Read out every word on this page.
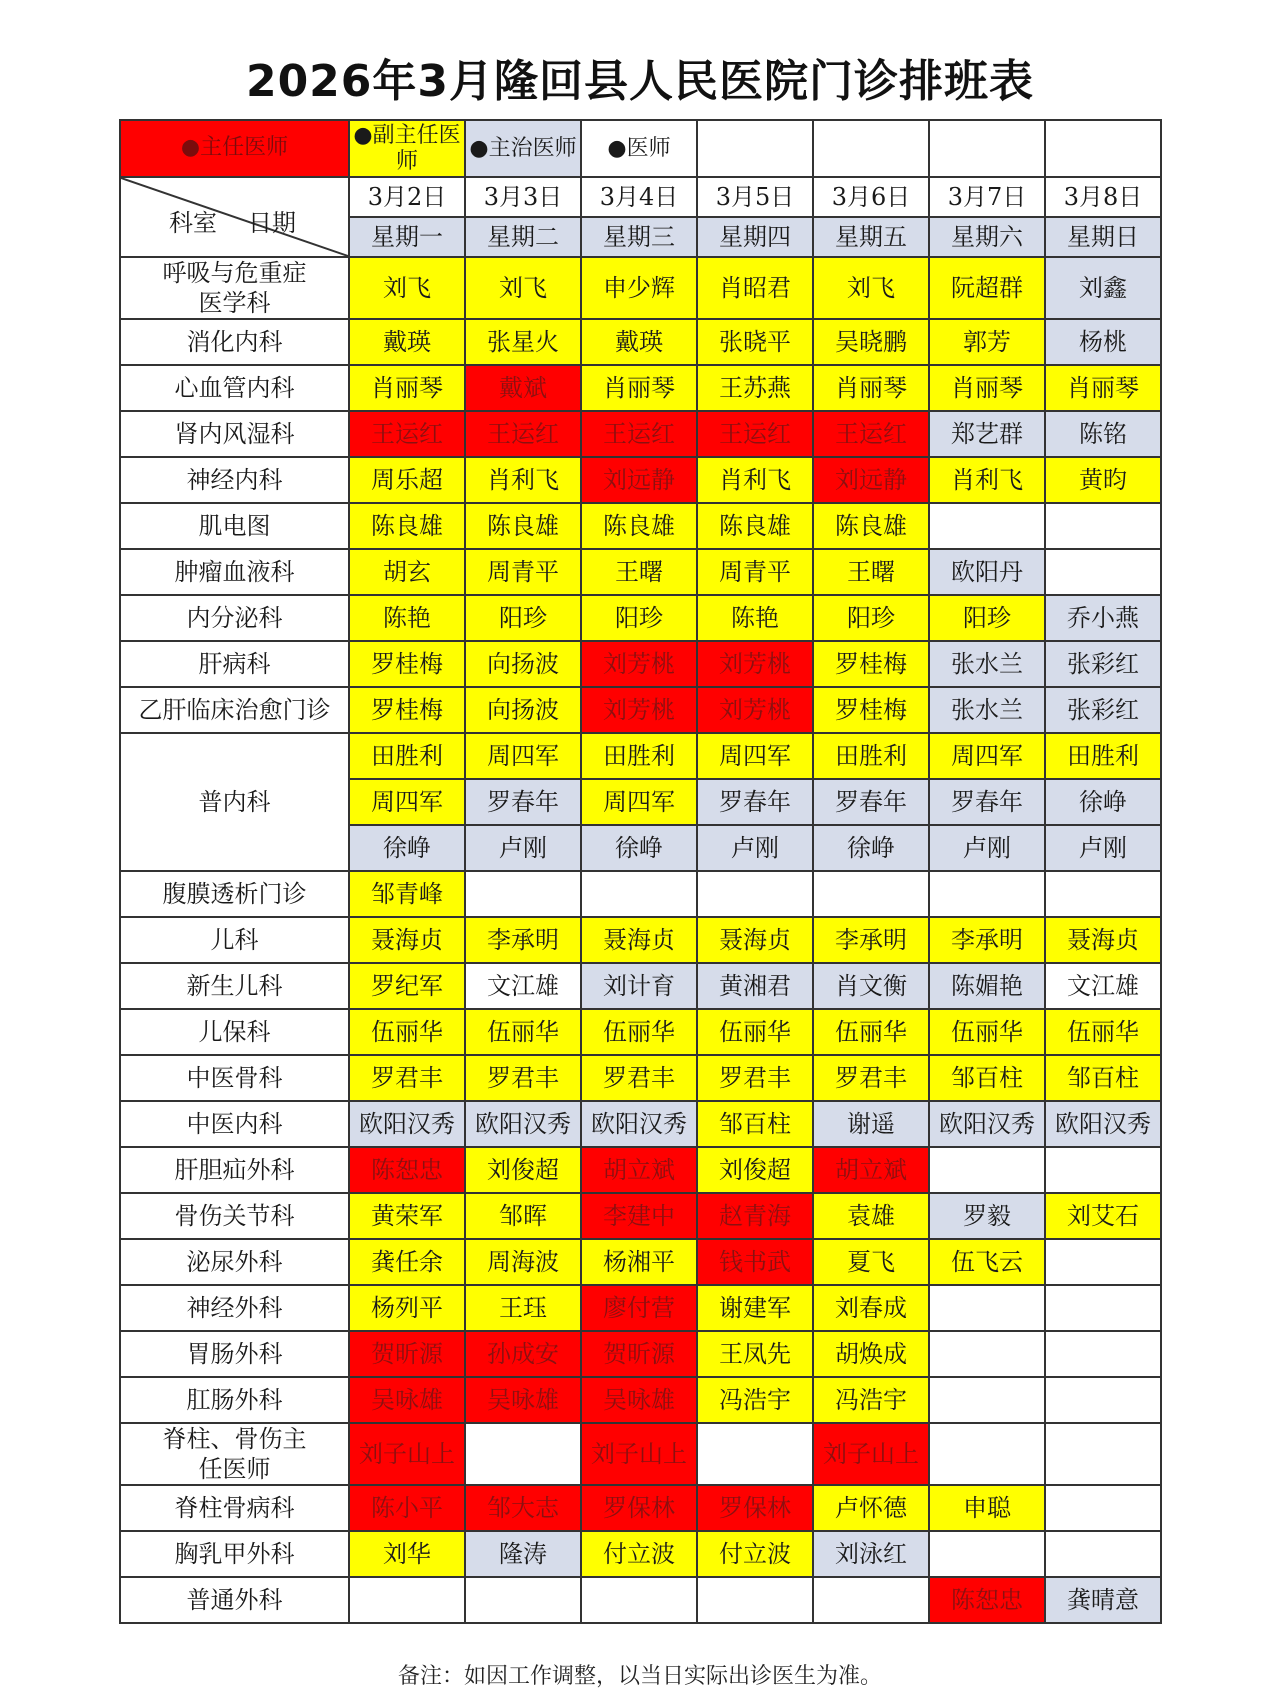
2026年3月隆回县人民医院门诊排班表
●主任医师	●副主任医师	●主治医师	●医师				

科室 日期	3月2日	3月3日	3月4日	3月5日	3月6日	3月7日	3月8日
	星期一	星期二	星期三	星期四	星期五	星期六	星期日
呼吸与危重症医学科	刘飞	刘飞	申少辉	肖昭君	刘飞	阮超群	刘鑫
消化内科	戴瑛	张星火	戴瑛	张晓平	吴晓鹏	郭芳	杨桃
心血管内科	肖丽琴	戴斌	肖丽琴	王苏燕	肖丽琴	肖丽琴	肖丽琴
肾内风湿科	王运红	王运红	王运红	王运红	王运红	郑艺群	陈铭
神经内科	周乐超	肖利飞	刘远静	肖利飞	刘远静	肖利飞	黄昀
肌电图	陈良雄	陈良雄	陈良雄	陈良雄	陈良雄		
肿瘤血液科	胡玄	周青平	王曙	周青平	王曙	欧阳丹	
内分泌科	陈艳	阳珍	阳珍	陈艳	阳珍	阳珍	乔小燕
肝病科	罗桂梅	向扬波	刘芳桃	刘芳桃	罗桂梅	张水兰	张彩红
乙肝临床治愈门诊	罗桂梅	向扬波	刘芳桃	刘芳桃	罗桂梅	张水兰	张彩红
普内科	田胜利	周四军	田胜利	周四军	田胜利	周四军	田胜利
	周四军	罗春年	周四军	罗春年	罗春年	罗春年	徐峥
	徐峥	卢刚	徐峥	卢刚	徐峥	卢刚	卢刚
腹膜透析门诊	邹青峰						
儿科	聂海贞	李承明	聂海贞	聂海贞	李承明	李承明	聂海贞
新生儿科	罗纪军	文江雄	刘计育	黄湘君	肖文衡	陈媚艳	文江雄
儿保科	伍丽华	伍丽华	伍丽华	伍丽华	伍丽华	伍丽华	伍丽华
中医骨科	罗君丰	罗君丰	罗君丰	罗君丰	罗君丰	邹百柱	邹百柱
中医内科	欧阳汉秀	欧阳汉秀	欧阳汉秀	邹百柱	谢遥	欧阳汉秀	欧阳汉秀
肝胆疝外科	陈恕忠	刘俊超	胡立斌	刘俊超	胡立斌		
骨伤关节科	黄荣军	邹晖	李建中	赵青海	袁雄	罗毅	刘艾石
泌尿外科	龚任余	周海波	杨湘平	钱书武	夏飞	伍飞云	
神经外科	杨列平	王珏	廖付营	谢建军	刘春成		
胃肠外科	贺昕源	孙成安	贺昕源	王凤先	胡焕成		
肛肠外科	吴咏雄	吴咏雄	吴咏雄	冯浩宇	冯浩宇		
脊柱、骨伤主任医师	刘子山上		刘子山上		刘子山上		
脊柱骨病科	陈小平	邹大志	罗保林	罗保林	卢怀德	申聪	
胸乳甲外科	刘华	隆涛	付立波	付立波	刘泳红		
普通外科						陈恕忠	龚晴意
备注：如因工作调整，以当日实际出诊医生为准。
